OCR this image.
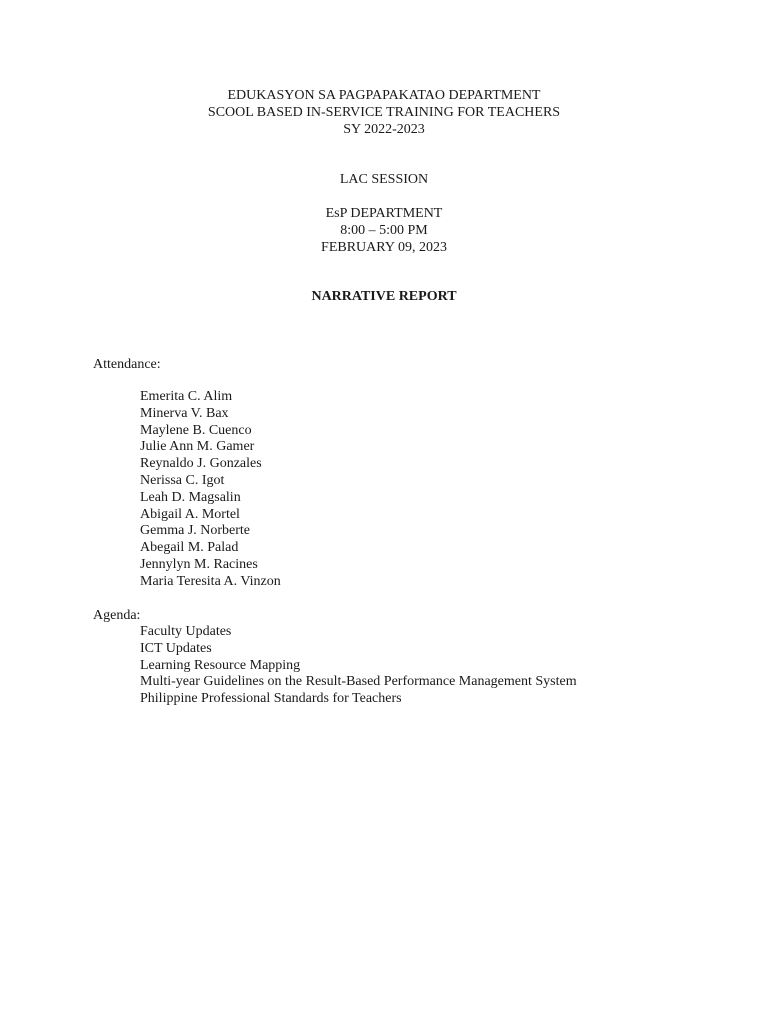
EDUKASYON SA PAGPAPAKATAO DEPARTMENT
SCOOL BASED IN-SERVICE TRAINING FOR TEACHERS
SY 2022-2023
LAC SESSION
EsP DEPARTMENT
8:00 – 5:00 PM
FEBRUARY 09, 2023
NARRATIVE REPORT
Attendance:
Emerita C. Alim
Minerva V. Bax
Maylene B. Cuenco
Julie Ann M. Gamer
Reynaldo J. Gonzales
Nerissa C. Igot
Leah D. Magsalin
Abigail A. Mortel
Gemma J. Norberte
Abegail M. Palad
Jennylyn M. Racines
Maria Teresita A. Vinzon
Agenda:
Faculty Updates
ICT Updates
Learning Resource Mapping
Multi-year Guidelines on the Result-Based Performance Management System
Philippine Professional Standards for Teachers
